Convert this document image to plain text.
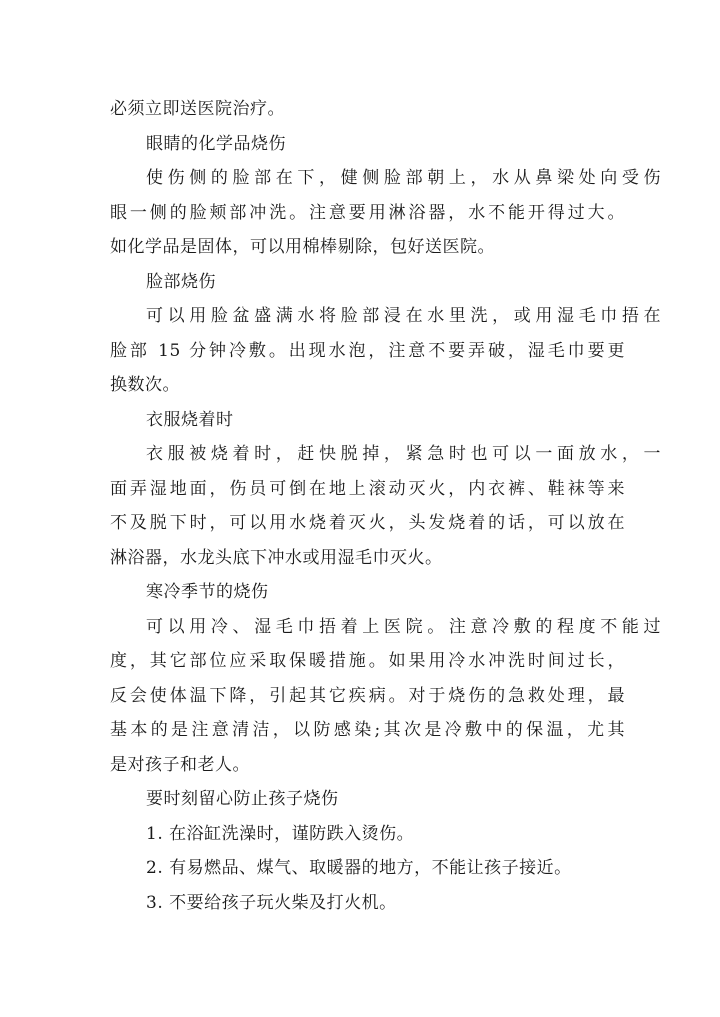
必须立即送医院治疗。
眼睛的化学品烧伤
使伤侧的脸部在下，健侧脸部朝上，水从鼻梁处向受伤
眼一侧的脸颊部冲洗。注意要用淋浴器，水不能开得过大。
如化学品是固体，可以用棉棒剔除，包好送医院。
脸部烧伤
可以用脸盆盛满水将脸部浸在水里洗，或用湿毛巾捂在
脸部 15 分钟冷敷。出现水泡，注意不要弄破，湿毛巾要更
换数次。
衣服烧着时
衣服被烧着时，赶快脱掉，紧急时也可以一面放水，一
面弄湿地面，伤员可倒在地上滚动灭火，内衣裤、鞋袜等来
不及脱下时，可以用水烧着灭火，头发烧着的话，可以放在
淋浴器，水龙头底下冲水或用湿毛巾灭火。
寒冷季节的烧伤
可以用冷、湿毛巾捂着上医院。注意冷敷的程度不能过
度，其它部位应采取保暖措施。如果用冷水冲洗时间过长，
反会使体温下降，引起其它疾病。对于烧伤的急救处理，最
基本的是注意清洁，以防感染;其次是冷敷中的保温，尤其
是对孩子和老人。
要时刻留心防止孩子烧伤
1. 在浴缸洗澡时，谨防跌入烫伤。
2. 有易燃品、煤气、取暖器的地方，不能让孩子接近。
3. 不要给孩子玩火柴及打火机。
